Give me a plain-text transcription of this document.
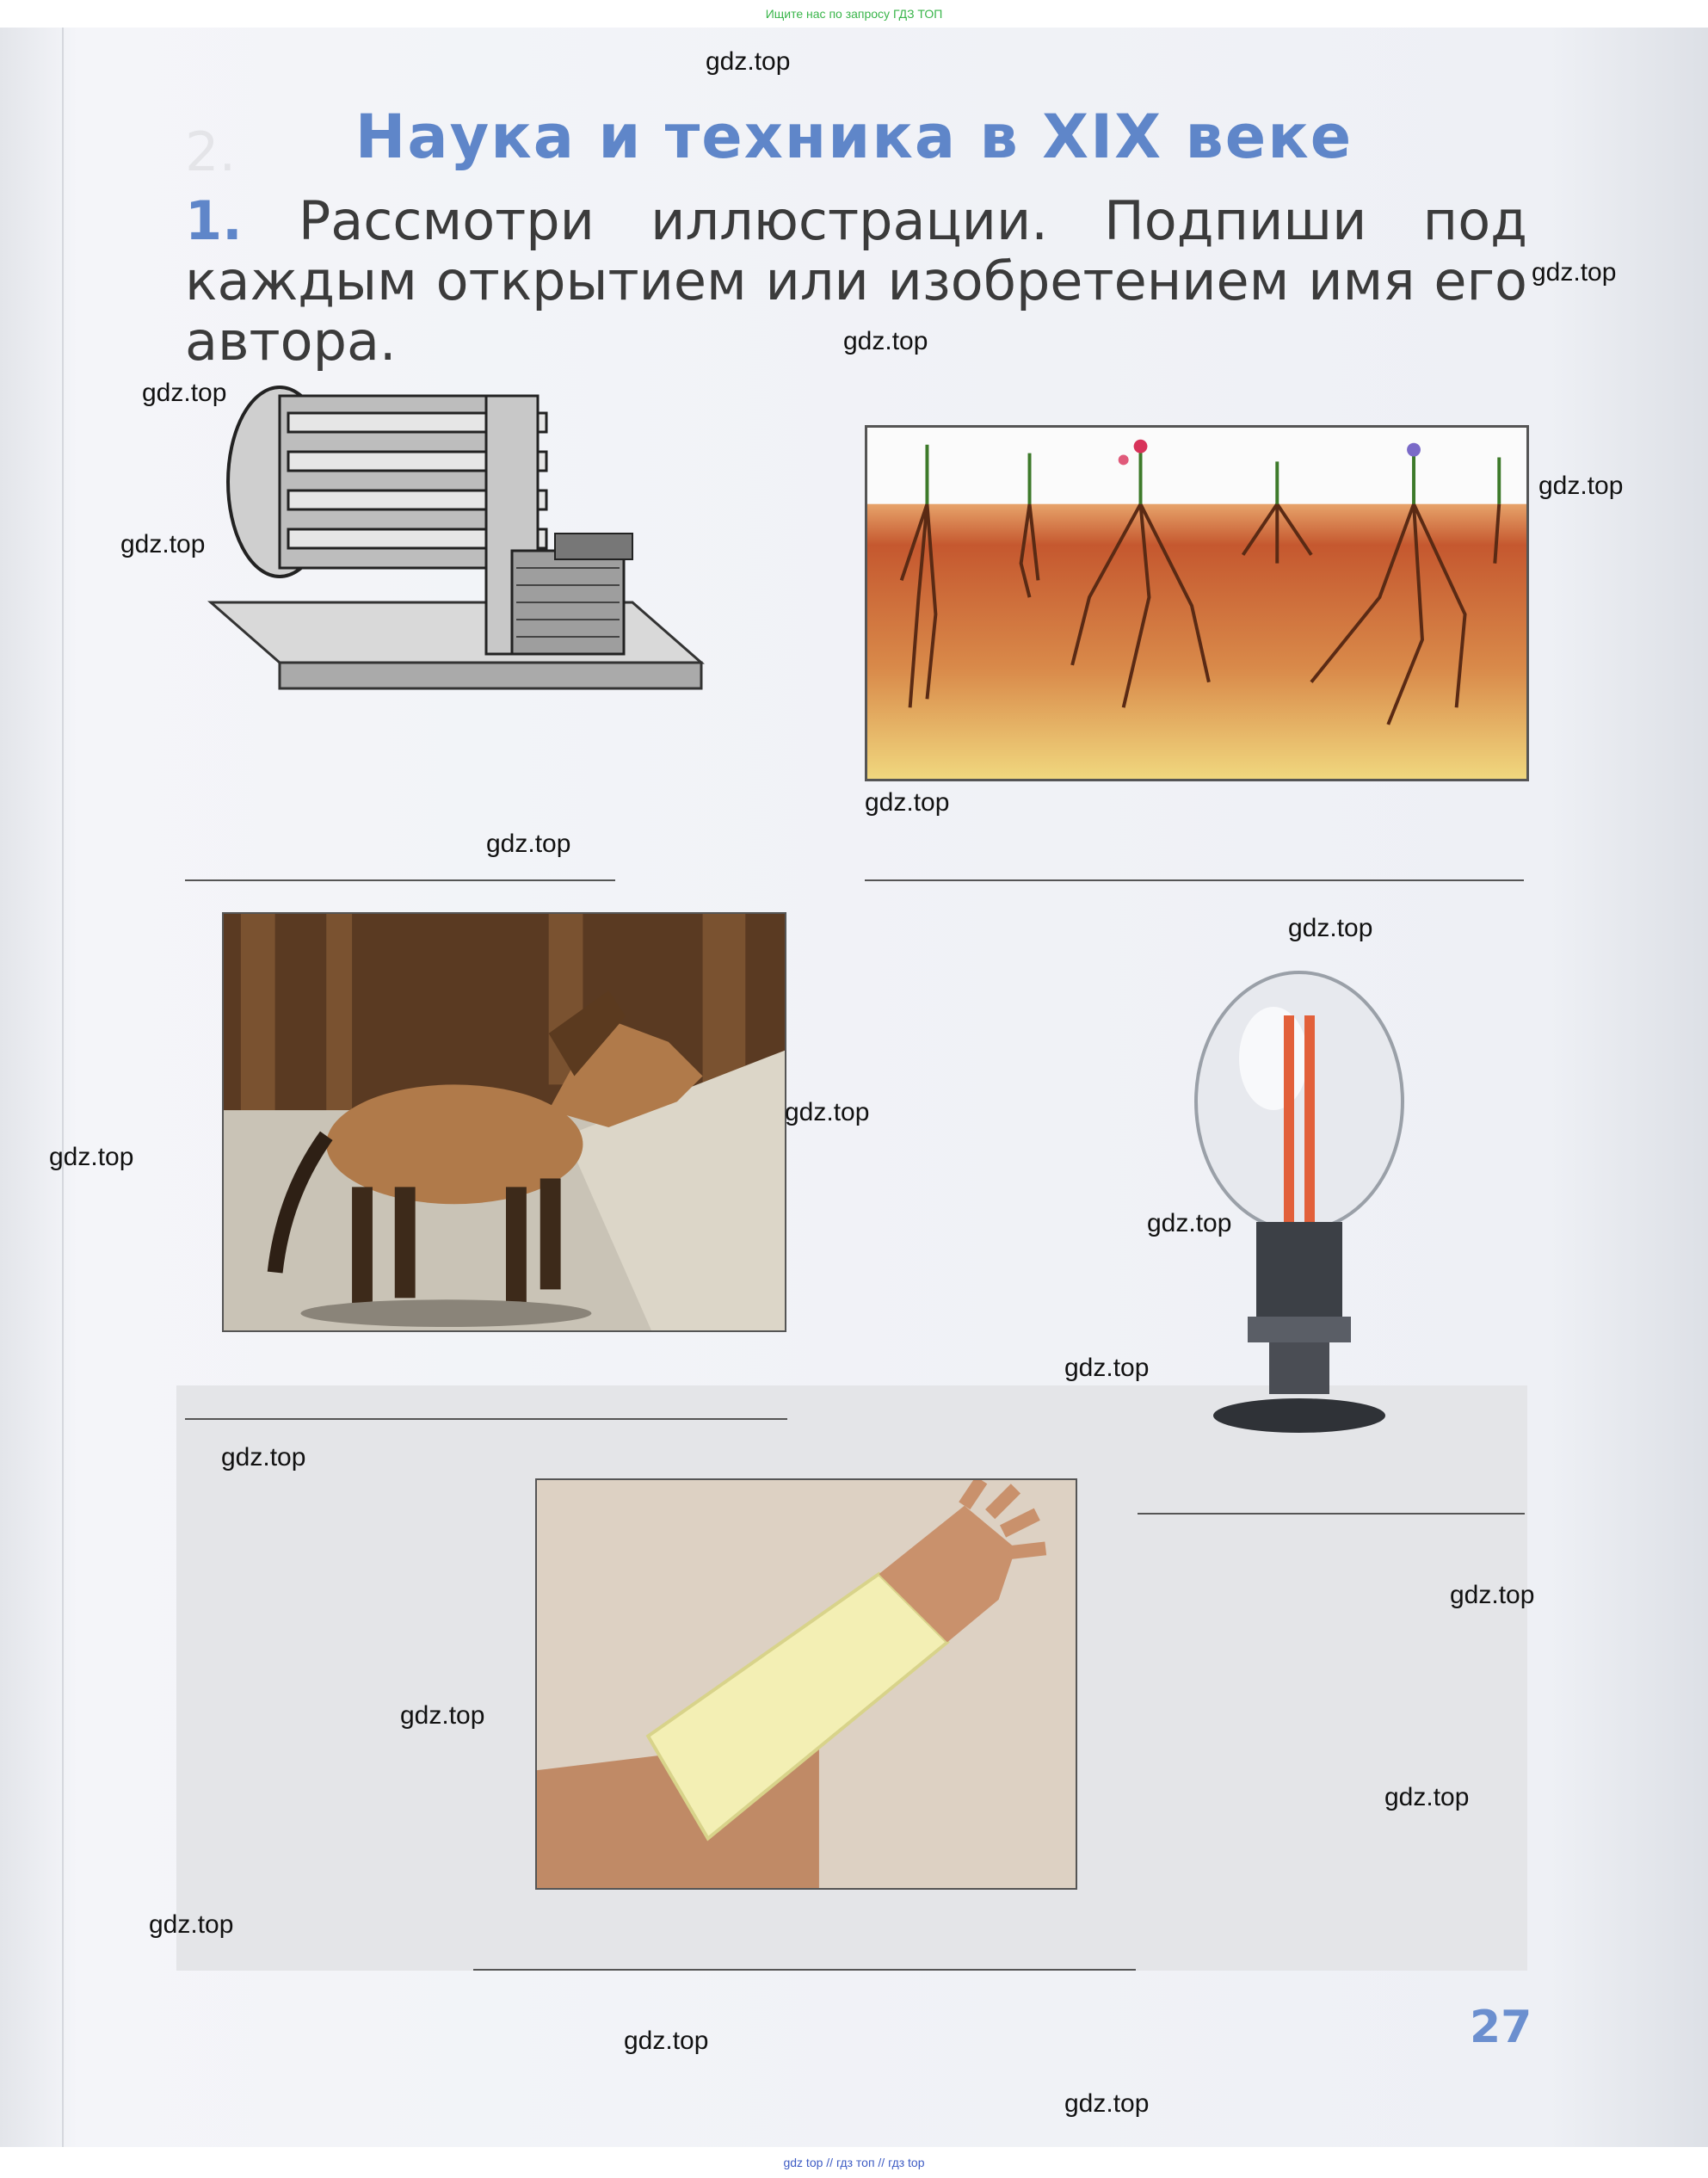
Ищите нас по запросу ГДЗ ТОП
2.	Наука и техника в XIX веке
1. Рассмотри иллюстрации. Подпиши под каждым открытием или изобретением имя его автора.
27
gdz.top
gdz.top
gdz.top
gdz.top
gdz.top
gdz.top
gdz.top
gdz.top
gdz.top
gdz.top
gdz.top
gdz.top
gdz.top
gdz.top
gdz.top
gdz.top
gdz.top
gdz.top
gdz.top
gdz.top
gdz top // гдз топ // гдз top
